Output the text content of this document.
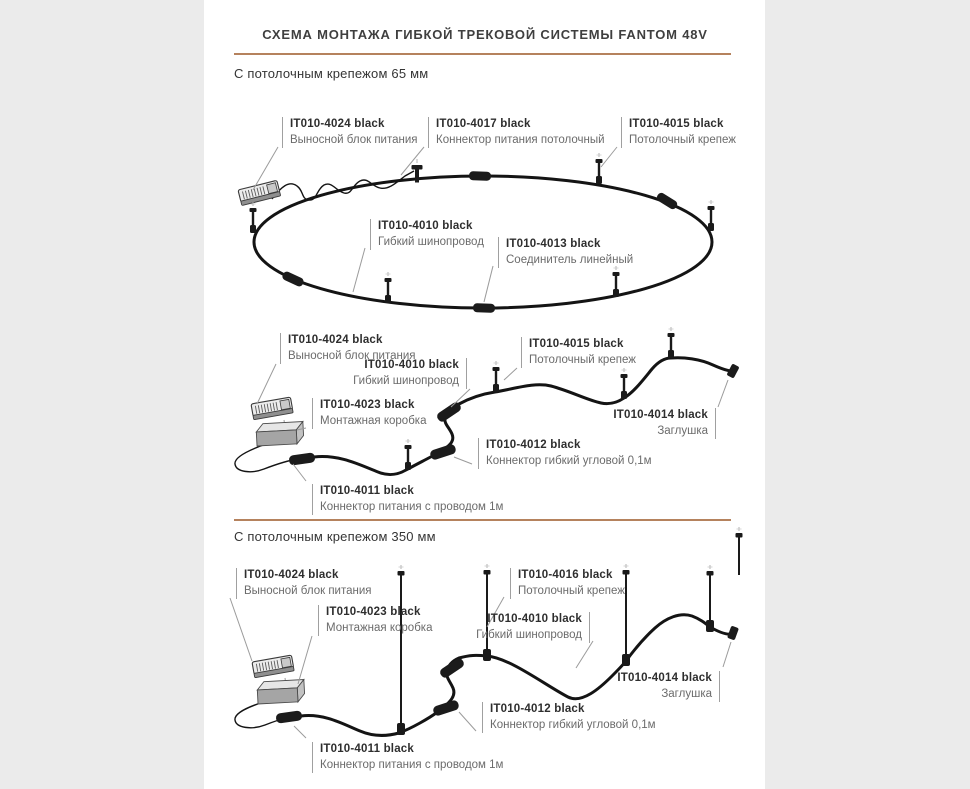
СХЕМА МОНТАЖА ГИБКОЙ ТРЕКОВОЙ СИСТЕМЫ FANTOM 48V
С потолочным крепежом 65 мм
С потолочным крепежом 350 мм
IT010-4024 black
Выносной блок питания
IT010-4017 black
Коннектор питания потолочный
IT010-4015 black
Потолочный крепеж
IT010-4010 black
Гибкий шинопровод IT010-4013 black
Соединитель линейный
IT010-4024 black
Выносной блок питания
IT010-4010 black
Гибкий шинопровод
IT010-4015 black
Потолочный крепеж
IT010-4023 black
Монтажная коробка
IT010-4014 black
Заглушка
IT010-4012 black
Коннектор гибкий угловой 0,1м
IT010-4011 black
Коннектор питания с проводом 1м
IT010-4024 black
Выносной блок питания
IT010-4016 black
Потолочный крепеж
IT010-4023 black
Монтажная коробка
IT010-4010 black
Гибкий шинопровод
IT010-4014 black
Заглушка
IT010-4012 black
Коннектор гибкий угловой 0,1м
IT010-4011 black
Коннектор питания с проводом 1м
